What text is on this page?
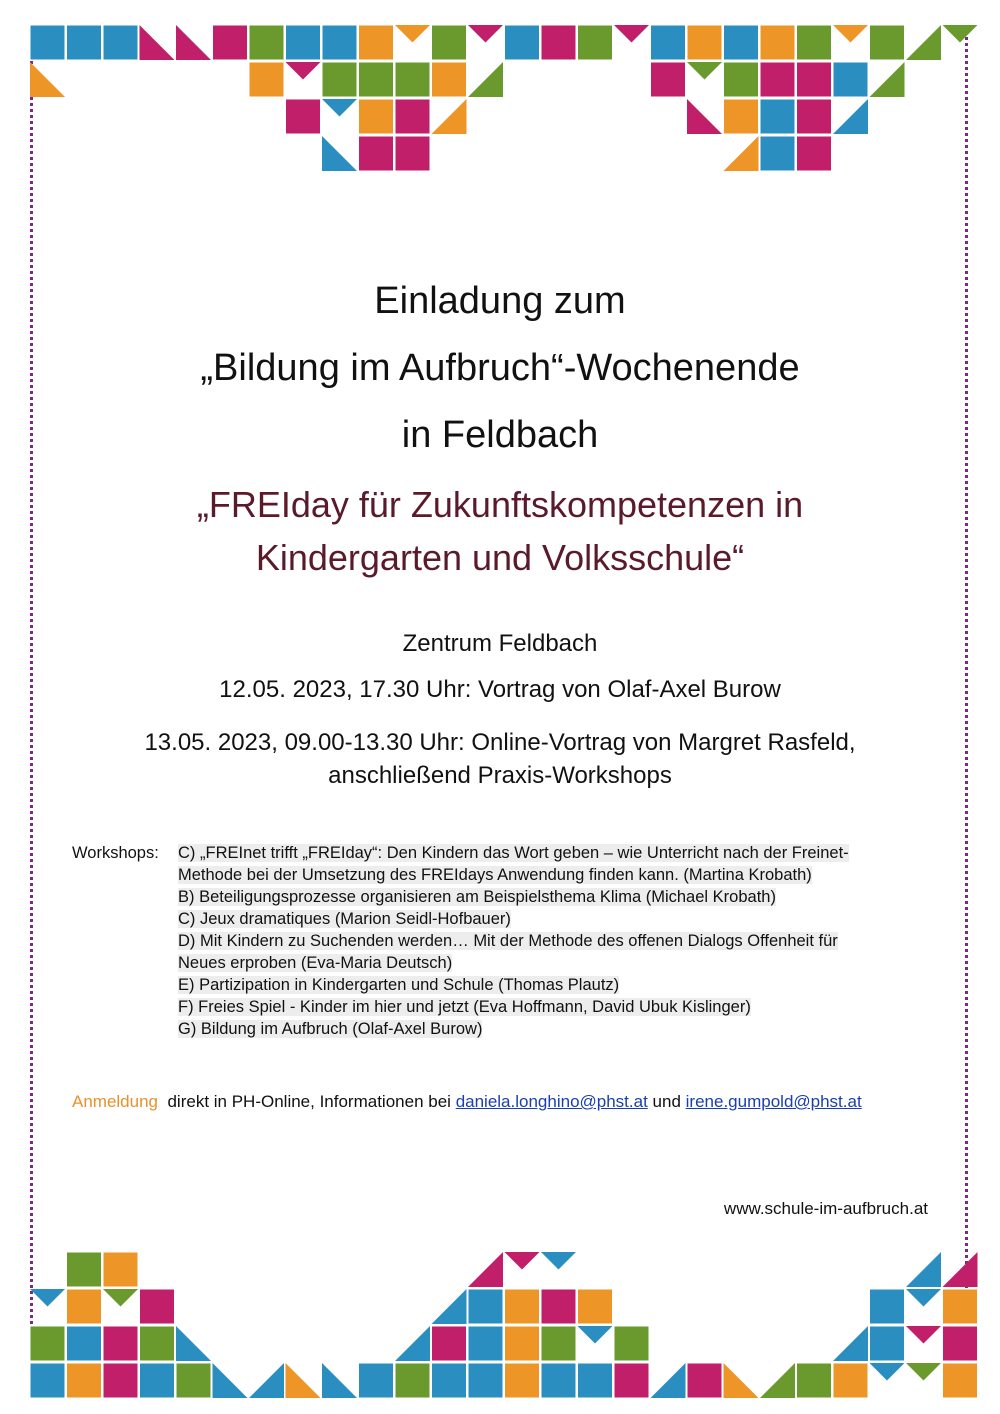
Einladung zum
„Bildung im Aufbruch“-Wochenende
in Feldbach
„FREIday für Zukunftskompetenzen in
Kindergarten und Volksschule“
Zentrum Feldbach
12.05. 2023, 17.30 Uhr: Vortrag von Olaf-Axel Burow
13.05. 2023, 09.00-13.30 Uhr: Online-Vortrag von Margret Rasfeld,
anschließend Praxis-Workshops
Workshops: C) „FREInet trifft „FREIday“: Den Kindern das Wort geben – wie Unterricht nach der Freinet-
Methode bei der Umsetzung des FREIdays Anwendung finden kann. (Martina Krobath)
B) Beteiligungsprozesse organisieren am Beispielsthema Klima (Michael Krobath)
C) Jeux dramatiques (Marion Seidl-Hofbauer)
D) Mit Kindern zu Suchenden werden… Mit der Methode des offenen Dialogs Offenheit für
Neues erproben (Eva-Maria Deutsch)
E) Partizipation in Kindergarten und Schule (Thomas Plautz)
F) Freies Spiel - Kinder im hier und jetzt (Eva Hoffmann, David Ubuk Kislinger)
G) Bildung im Aufbruch (Olaf-Axel Burow)
Anmeldung direkt in PH-Online, Informationen bei daniela.longhino@phst.at und irene.gumpold@phst.at
www.schule-im-aufbruch.at
